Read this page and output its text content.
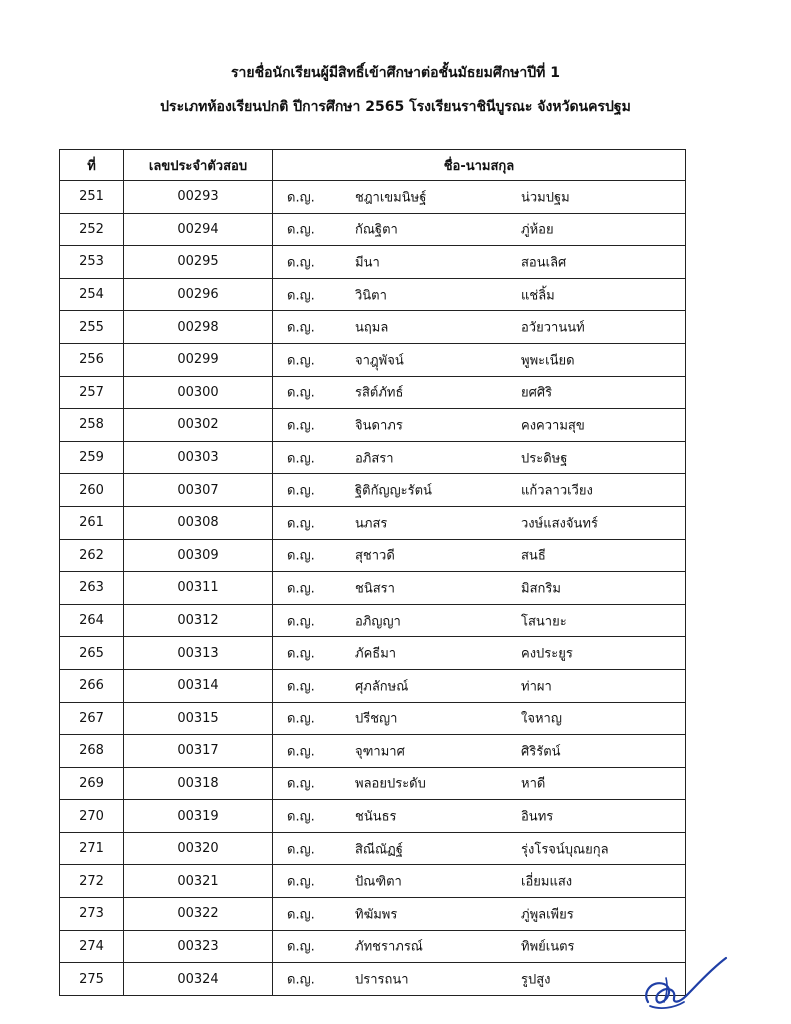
รายชื่อนักเรียนผู้มีสิทธิ์เข้าศึกษาต่อชั้นมัธยมศึกษาปีที่ 1
ประเภทห้องเรียนปกติ ปีการศึกษา 2565 โรงเรียนราชินีบูรณะ จังหวัดนครปฐม
ที่	เลขประจำตัวสอบ	ชื่อ-นามสกุล
251	00293	ด.ญ. ชฎาเขมนิษฐ์ น่วมปฐม

252	00294	ด.ญ. กัณฐิตา ภู่ห้อย

253	00295	ด.ญ. มีนา สอนเลิศ

254	00296	ด.ญ. วินิตา แช่ลิ้ม

255	00298	ด.ญ. นฤมล อวัยวานนท์

256	00299	ด.ญ. จาฎุพัจน์ พูพะเนียด

257	00300	ด.ญ. รสิต์ภัทธ์ ยศศิริ

258	00302	ด.ญ. จินดาภร คงความสุข

259	00303	ด.ญ. อภิสรา ประดิษฐ

260	00307	ด.ญ. ฐิติกัญญะรัตน์ แก้วลาวเวียง

261	00308	ด.ญ. นภสร วงษ์แสงจันทร์

262	00309	ด.ญ. สุชาวดี สนธี

263	00311	ด.ญ. ชนิสรา มิสกริม

264	00312	ด.ญ. อภิญญา โสนายะ

265	00313	ด.ญ. ภัคธีมา คงประยูร

266	00314	ด.ญ. ศุภลักษณ์ ท่าผา

267	00315	ด.ญ. ปรีชญา ใจหาญ

268	00317	ด.ญ. จุฑามาศ ศิริรัตน์

269	00318	ด.ญ. พลอยประดับ หาดี

270	00319	ด.ญ. ชนันธร อินทร

271	00320	ด.ญ. สิณีณัฏฐ์ รุ่งโรจน์บุณยกุล

272	00321	ด.ญ. ปัณฑิตา เอี่ยมแสง

273	00322	ด.ญ. ทิฆัมพร ภู่พูลเพียร

274	00323	ด.ญ. ภัทชราภรณ์ ทิพย์เนตร

275	00324	ด.ญ. ปรารถนา รูปสูง
